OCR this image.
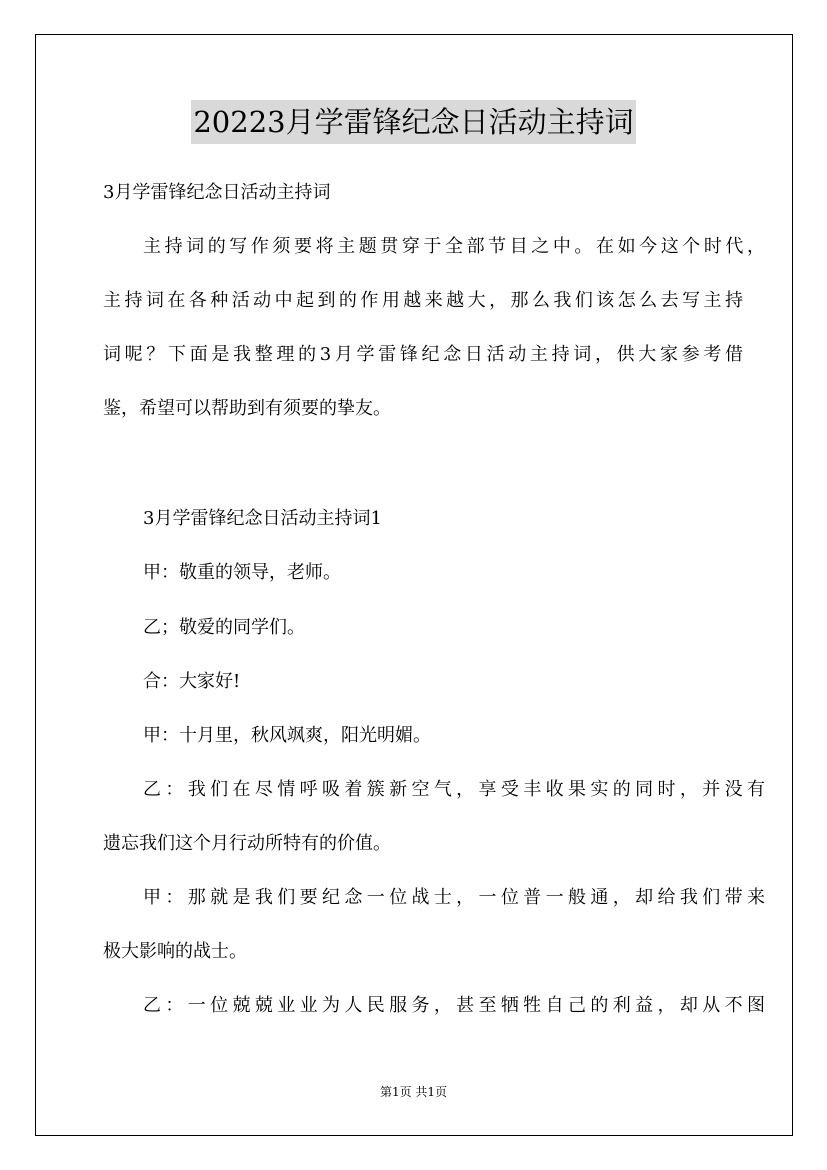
20223月学雷锋纪念日活动主持词

3月学雷锋纪念日活动主持词

主持词的写作须要将主题贯穿于全部节目之中。在如今这个时代，

主持词在各种活动中起到的作用越来越大，那么我们该怎么去写主持

词呢？下面是我整理的3月学雷锋纪念日活动主持词，供大家参考借

鉴，希望可以帮助到有须要的挚友。

3月学雷锋纪念日活动主持词1

甲：敬重的领导，老师。

乙；敬爱的同学们。

合：大家好!

甲：十月里，秋风飒爽，阳光明媚。

乙：我们在尽情呼吸着簇新空气，享受丰收果实的同时，并没有

遗忘我们这个月行动所特有的价值。

甲：那就是我们要纪念一位战士，一位普一般通，却给我们带来

极大影响的战士。

乙：一位兢兢业业为人民服务，甚至牺牲自己的利益，却从不图

第1页 共1页
